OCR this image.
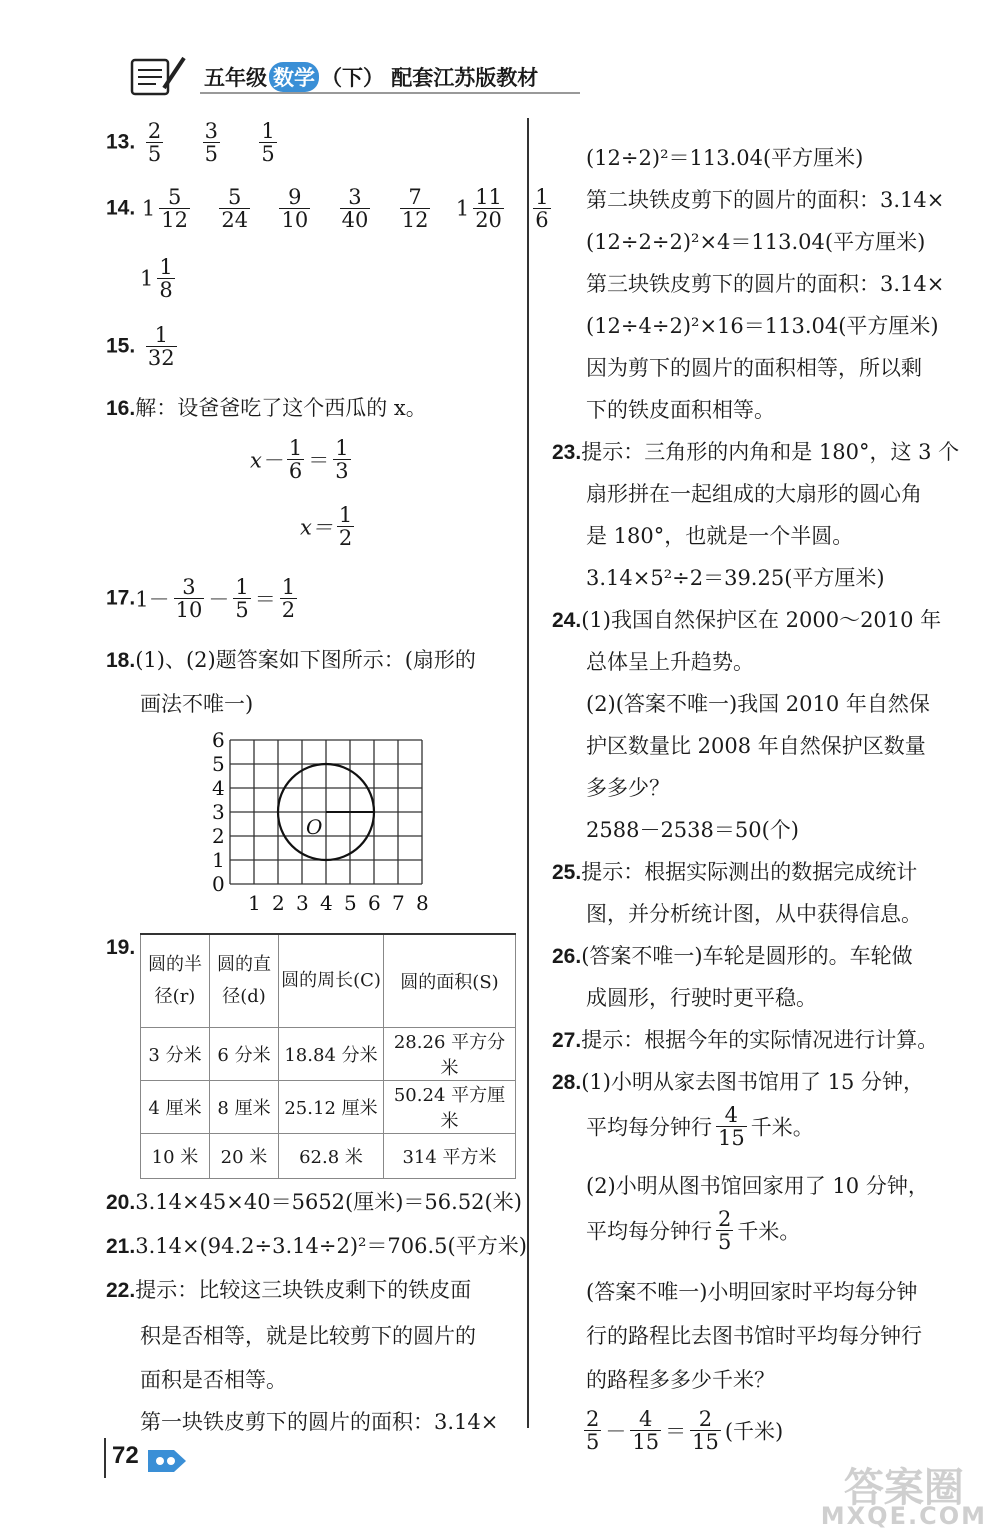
五年级 数学 （下） 配套江苏版教材
13. $\frac{2}{5}$
$\frac{3}{5}$
$\frac{1}{5}$
14. $1 \frac{5}{12}$
$\frac{5}{24}$
$\frac{9}{10}$
$\frac{3}{40}$
$\frac{7}{12} 1 \frac{11}{20}$
$\frac{1}{6}$
$1 \frac{1}{8}$
15. $\frac{1}{32}$
16.解：设爸爸吃了这个西瓜的 x。
$x- \frac{1}{6} = \frac{1}{3}$
$x= \frac{1}{2}$
$17.1- \frac{3}{10} - \frac{1}{5} = \frac{1}{2}$
18.(1)、(2)题答案如下图所示：(扇形的
画法不唯一)
6
5
4
3
2
1
0
1 2 3 4 5 6 7 8
O
19.
圆的半径(r)	圆的直径(d)	圆的周长(C)	圆的面积(S)
3 分米	6 分米	18.84 分米	28.26 平方分米
4 厘米	8 厘米	25.12 厘米	50.24 平方厘米
10 米	20 米	62.8 米	314 平方米
20.3.14×45×40＝5652(厘米)＝56.52(米)
21.3.14×(94.2÷3.14÷2)²＝706.5(平方米)
22.提示：比较这三块铁皮剩下的铁皮面
积是否相等，就是比较剪下的圆片的
面积是否相等。
第一块铁皮剪下的圆片的面积：3.14×
(12÷2)²＝113.04(平方厘米)
第二块铁皮剪下的圆片的面积：3.14×
(12÷2÷2)²×4＝113.04(平方厘米)
第三块铁皮剪下的圆片的面积：3.14×
(12÷4÷2)²×16＝113.04(平方厘米)
因为剪下的圆片的面积相等，所以剩
下的铁皮面积相等。
23.提示：三角形的内角和是 180°，这 3 个
扇形拼在一起组成的大扇形的圆心角
是 180°，也就是一个半圆。
3.14×5²÷2＝39.25(平方厘米)
24.(1)我国自然保护区在 2000～2010 年
总体呈上升趋势。
(2)(答案不唯一)我国 2010 年自然保
护区数量比 2008 年自然保护区数量
多多少？
2588－2538＝50(个)
25.提示：根据实际测出的数据完成统计
图，并分析统计图，从中获得信息。
26.(答案不唯一)车轮是圆形的。车轮做
成圆形，行驶时更平稳。
27.提示：根据今年的实际情况进行计算。
28.(1)小明从家去图书馆用了 15 分钟，
平均每分钟行 $\frac{4}{15}$ 千米。
(2)小明从图书馆回家用了 10 分钟，
平均每分钟行 $\frac{2}{5}$ 千米。
(答案不唯一)小明回家时平均每分钟
行的路程比去图书馆时平均每分钟行
的路程多多少千米？
$\frac{2}{5} - \frac{4}{15} = \frac{2}{15}$ (千米)
72
答案圈
MXQE.COM
